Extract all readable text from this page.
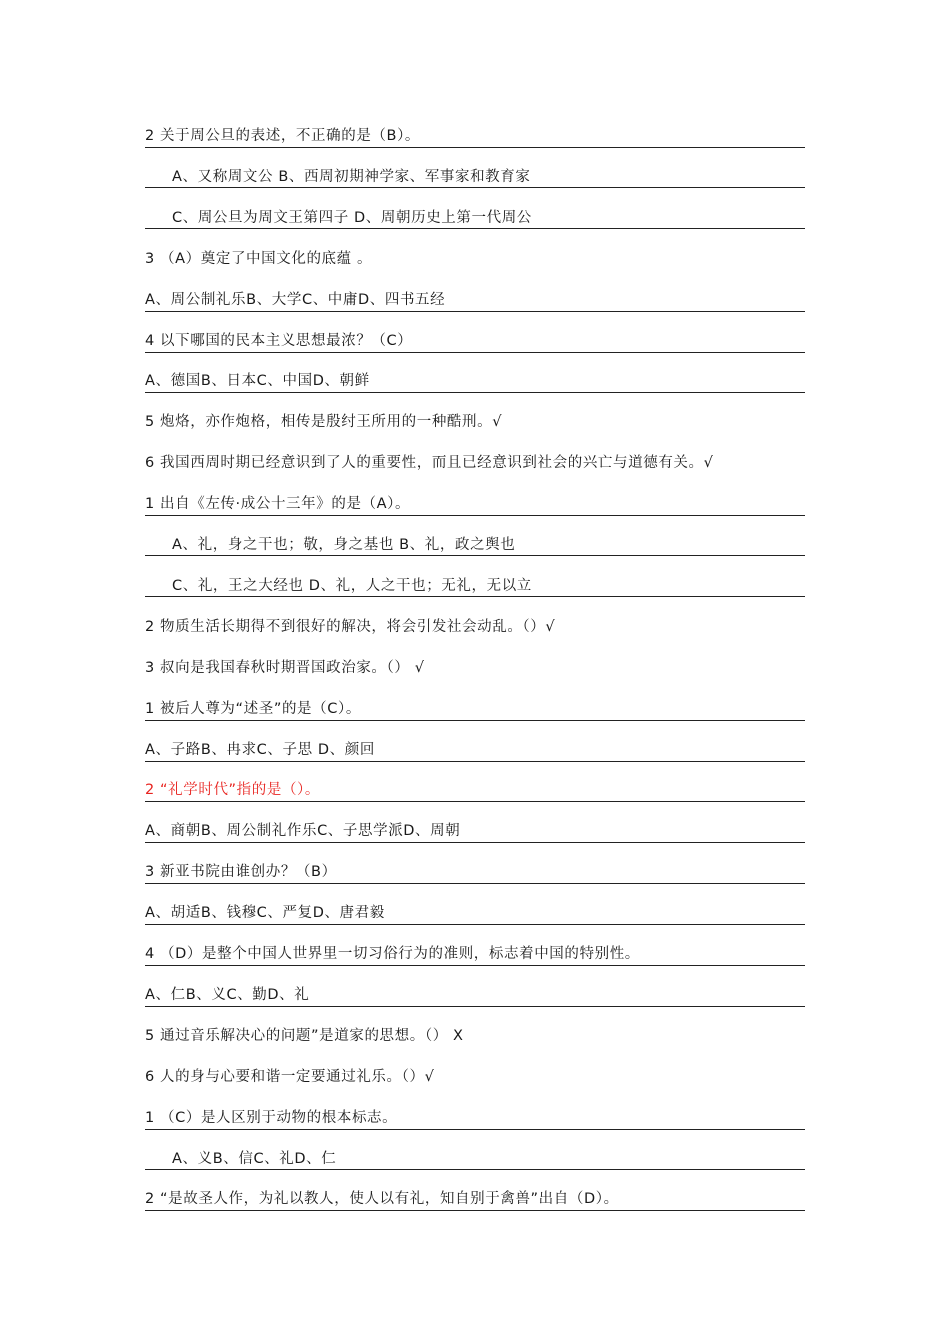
2 关于周公旦的表述，不正确的是（B）。
A、又称周文公 B、西周初期神学家、军事家和教育家
C、周公旦为周文王第四子 D、周朝历史上第一代周公
3 （A）奠定了中国文化的底蕴 。
A、周公制礼乐B、大学C、中庸D、四书五经
4 以下哪国的民本主义思想最浓？（C）
A、德国B、日本C、中国D、朝鲜
5 炮烙，亦作炮格，相传是殷纣王所用的一种酷刑。√
6 我国西周时期已经意识到了人的重要性，而且已经意识到社会的兴亡与道德有关。√
1 出自《左传·成公十三年》的是（A）。
A、礼，身之干也；敬，身之基也 B、礼，政之舆也
C、礼，王之大经也 D、礼，人之干也；无礼，无以立
2 物质生活长期得不到很好的解决，将会引发社会动乱。（）√
3 叔向是我国春秋时期晋国政治家。（） √
1 被后人尊为“述圣”的是（C）。
A、子路B、冉求C、子思 D、颜回
2 “礼学时代”指的是（）。
A、商朝B、周公制礼作乐C、子思学派D、周朝
3 新亚书院由谁创办？（B）
A、胡适B、钱穆C、严复D、唐君毅
4 （D）是整个中国人世界里一切习俗行为的准则，标志着中国的特别性。
A、仁B、义C、勤D、礼
5 通过音乐解决心的问题”是道家的思想。（） X
6 人的身与心要和谐一定要通过礼乐。（）√
1 （C）是人区别于动物的根本标志。
A、义B、信C、礼D、仁
2 “是故圣人作，为礼以教人，使人以有礼，知自别于禽兽”出自（D）。
